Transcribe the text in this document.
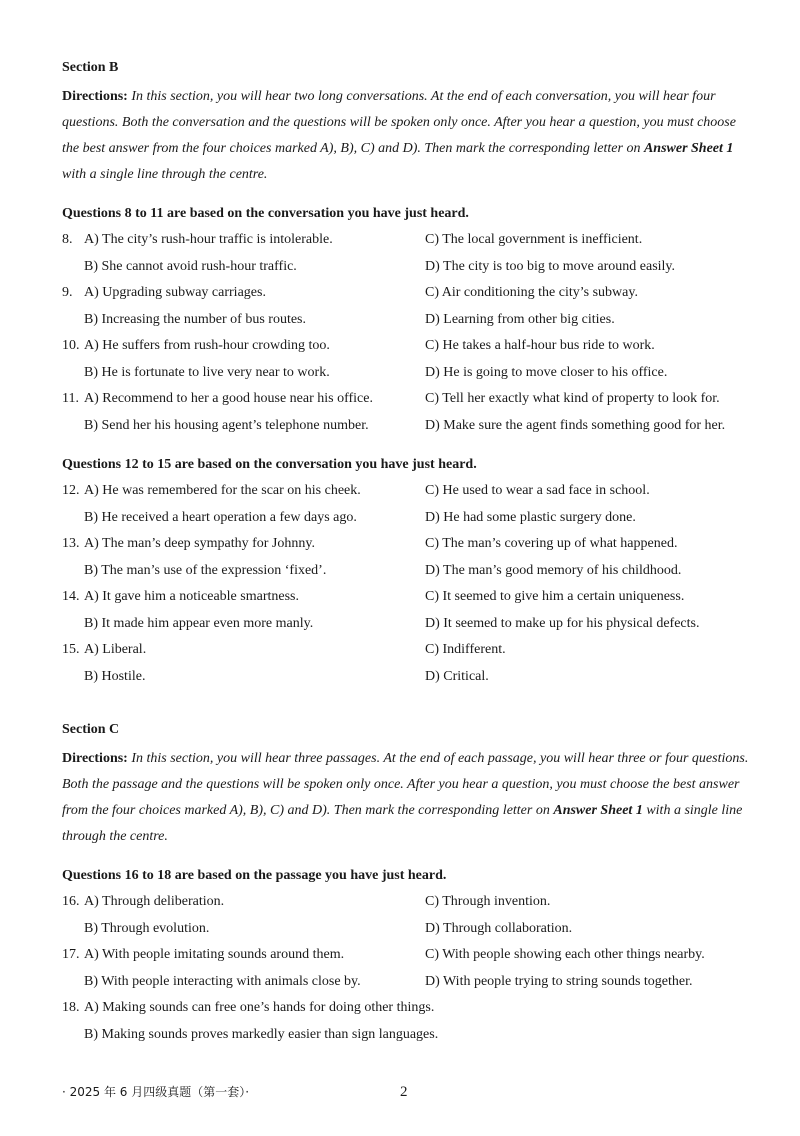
Section B

Directions: In this section, you will hear two long conversations. At the end of each conversation, you will hear four questions. Both the conversation and the questions will be spoken only once. After you hear a question, you must choose the best answer from the four choices marked A), B), C) and D). Then mark the corresponding letter on Answer Sheet 1 with a single line through the centre.

Questions 8 to 11 are based on the conversation you have just heard.
8. A) The city’s rush-hour traffic is intolerable.	C) The local government is inefficient.
B) She cannot avoid rush-hour traffic.	D) The city is too big to move around easily.
9. A) Upgrading subway carriages.	C) Air conditioning the city’s subway.
B) Increasing the number of bus routes.	D) Learning from other big cities.
10. A) He suffers from rush-hour crowding too.	C) He takes a half-hour bus ride to work.
B) He is fortunate to live very near to work.	D) He is going to move closer to his office.
11. A) Recommend to her a good house near his office.	C) Tell her exactly what kind of property to look for.
B) Send her his housing agent’s telephone number.	D) Make sure the agent finds something good for her.
Questions 12 to 15 are based on the conversation you have just heard.
12. A) He was remembered for the scar on his cheek.	C) He used to wear a sad face in school.
B) He received a heart operation a few days ago.	D) He had some plastic surgery done.
13. A) The man’s deep sympathy for Johnny.	C) The man’s covering up of what happened.
B) The man’s use of the expression ‘fixed’.	D) The man’s good memory of his childhood.
14. A) It gave him a noticeable smartness.	C) It seemed to give him a certain uniqueness.
B) It made him appear even more manly.	D) It seemed to make up for his physical defects.
15. A) Liberal.	C) Indifferent.
B) Hostile.	D) Critical.
Section C

Directions: In this section, you will hear three passages. At the end of each passage, you will hear three or four questions. Both the passage and the questions will be spoken only once. After you hear a question, you must choose the best answer from the four choices marked A), B), C) and D). Then mark the corresponding letter on Answer Sheet 1 with a single line through the centre.

Questions 16 to 18 are based on the passage you have just heard.
16. A) Through deliberation.	C) Through invention.
B) Through evolution.	D) Through collaboration.
17. A) With people imitating sounds around them.	C) With people showing each other things nearby.
B) With people interacting with animals close by.	D) With people trying to string sounds together.
18. A) Making sounds can free one’s hands for doing other things.
B) Making sounds proves markedly easier than sign languages.
· 2025 年 6 月四级真题（第一套）·	2
